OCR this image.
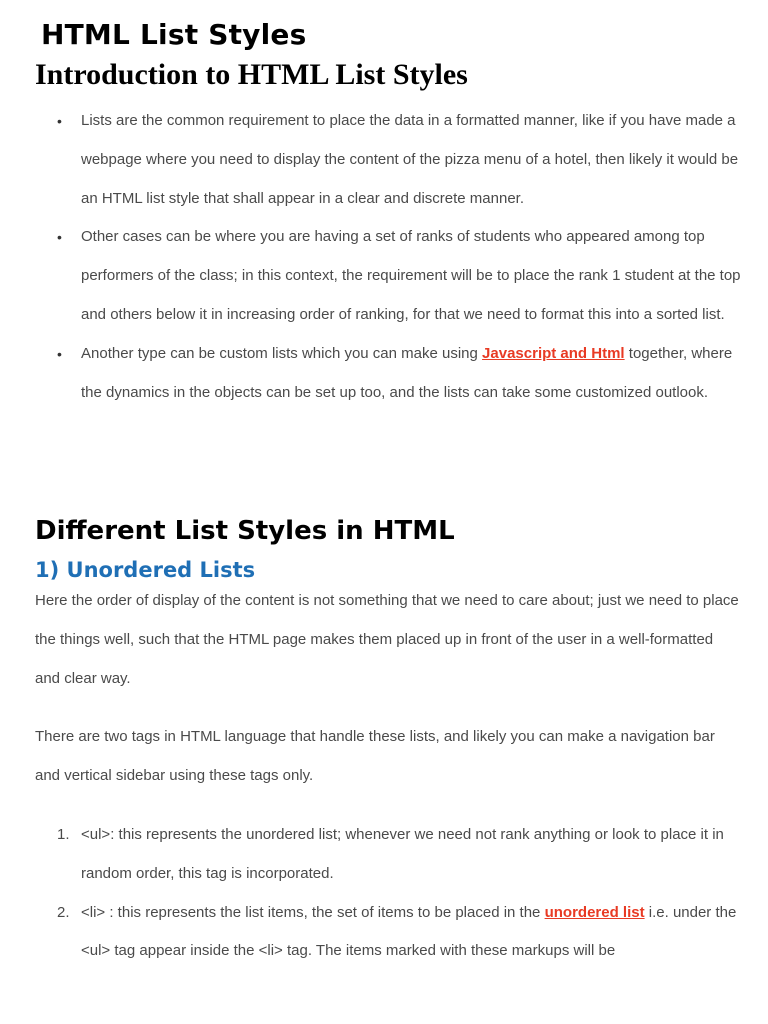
HTML List Styles
Introduction to HTML List Styles
• Lists are the common requirement to place the data in a formatted manner, like if you have made a webpage where you need to display the content of the pizza menu of a hotel, then likely it would be an HTML list style that shall appear in a clear and discrete manner.
• Other cases can be where you are having a set of ranks of students who appeared among top performers of the class; in this context, the requirement will be to place the rank 1 student at the top and others below it in increasing order of ranking, for that we need to format this into a sorted list.
• Another type can be custom lists which you can make using Javascript and Html together, where the dynamics in the objects can be set up too, and the lists can take some customized outlook.
Different List Styles in HTML
1) Unordered Lists

Here the order of display of the content is not something that we need to care about; just we need to place the things well, such that the HTML page makes them placed up in front of the user in a well-formatted and clear way.

There are two tags in HTML language that handle these lists, and likely you can make a navigation bar and vertical sidebar using these tags only.

1. <ul>: this represents the unordered list; whenever we need not rank anything or look to place it in random order, this tag is incorporated.
2. <li> : this represents the list items, the set of items to be placed in the unordered list i.e. under the <ul> tag appear inside the <li> tag. The items marked with these markups will be
